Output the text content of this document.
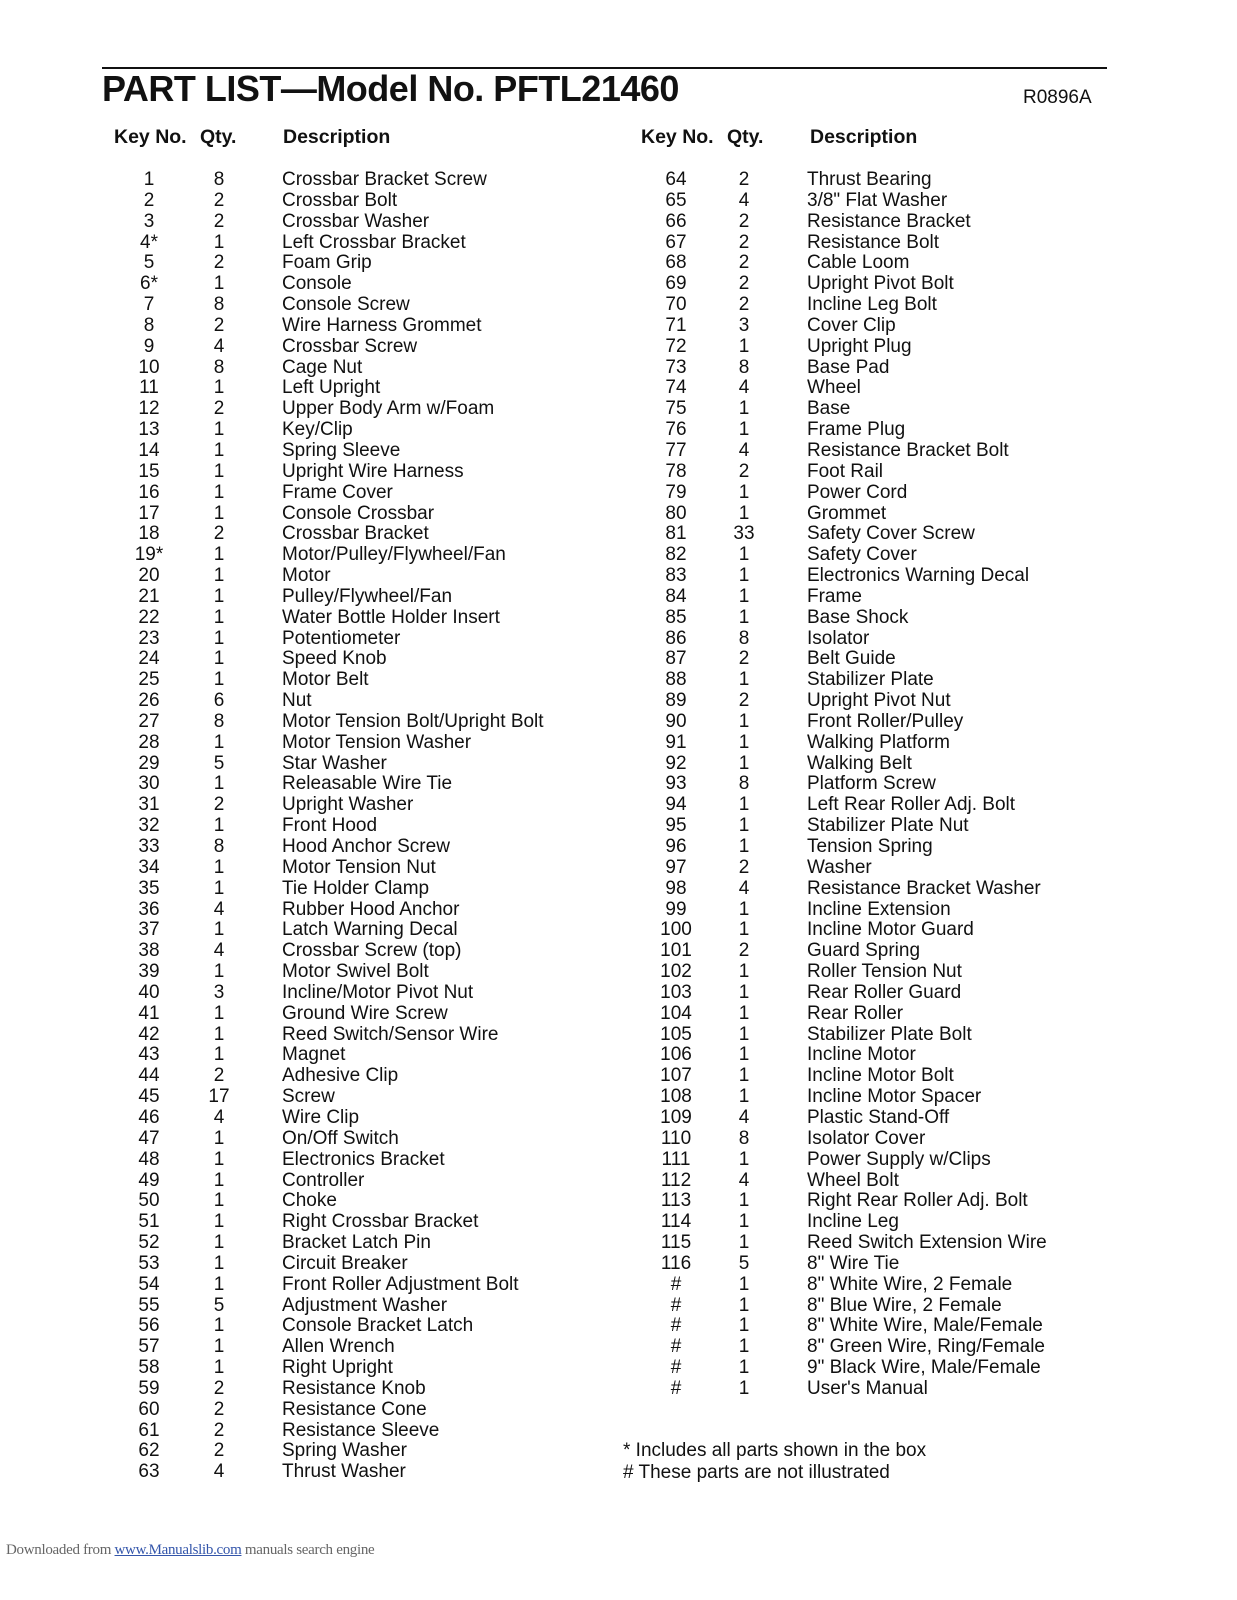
PART LIST—Model No. PFTL21460	R0896A
Key No. Qty. Description
1	8	Crossbar Bracket Screw
2	2	Crossbar Bolt
3	2	Crossbar Washer
4*	1	Left Crossbar Bracket
5	2	Foam Grip
6*	1	Console
7	8	Console Screw
8	2	Wire Harness Grommet
9	4	Crossbar Screw
10	8	Cage Nut
11	1	Left Upright
12	2	Upper Body Arm w/Foam
13	1	Key/Clip
14	1	Spring Sleeve
15	1	Upright Wire Harness
16	1	Frame Cover
17	1	Console Crossbar
18	2	Crossbar Bracket
19*	1	Motor/Pulley/Flywheel/Fan
20	1	Motor
21	1	Pulley/Flywheel/Fan
22	1	Water Bottle Holder Insert
23	1	Potentiometer
24	1	Speed Knob
25	1	Motor Belt
26	6	Nut
27	8	Motor Tension Bolt/Upright Bolt
28	1	Motor Tension Washer
29	5	Star Washer
30	1	Releasable Wire Tie
31	2	Upright Washer
32	1	Front Hood
33	8	Hood Anchor Screw
34	1	Motor Tension Nut
35	1	Tie Holder Clamp
36	4	Rubber Hood Anchor
37	1	Latch Warning Decal
38	4	Crossbar Screw (top)
39	1	Motor Swivel Bolt
40	3	Incline/Motor Pivot Nut
41	1	Ground Wire Screw
42	1	Reed Switch/Sensor Wire
43	1	Magnet
44	2	Adhesive Clip
45	17	Screw
46	4	Wire Clip
47	1	On/Off Switch
48	1	Electronics Bracket
49	1	Controller
50	1	Choke
51	1	Right Crossbar Bracket
52	1	Bracket Latch Pin
53	1	Circuit Breaker
54	1	Front Roller Adjustment Bolt
55	5	Adjustment Washer
56	1	Console Bracket Latch
57	1	Allen Wrench
58	1	Right Upright
59	2	Resistance Knob
60	2	Resistance Cone
61	2	Resistance Sleeve
62	2	Spring Washer
63	4	Thrust Washer
Key No. Qty. Description
64	2	Thrust Bearing
65	4	3/8" Flat Washer
66	2	Resistance Bracket
67	2	Resistance Bolt
68	2	Cable Loom
69	2	Upright Pivot Bolt
70	2	Incline Leg Bolt
71	3	Cover Clip
72	1	Upright Plug
73	8	Base Pad
74	4	Wheel
75	1	Base
76	1	Frame Plug
77	4	Resistance Bracket Bolt
78	2	Foot Rail
79	1	Power Cord
80	1	Grommet
81	33	Safety Cover Screw
82	1	Safety Cover
83	1	Electronics Warning Decal
84	1	Frame
85	1	Base Shock
86	8	Isolator
87	2	Belt Guide
88	1	Stabilizer Plate
89	2	Upright Pivot Nut
90	1	Front Roller/Pulley
91	1	Walking Platform
92	1	Walking Belt
93	8	Platform Screw
94	1	Left Rear Roller Adj. Bolt
95	1	Stabilizer Plate Nut
96	1	Tension Spring
97	2	Washer
98	4	Resistance Bracket Washer
99	1	Incline Extension
100	1	Incline Motor Guard
101	2	Guard Spring
102	1	Roller Tension Nut
103	1	Rear Roller Guard
104	1	Rear Roller
105	1	Stabilizer Plate Bolt
106	1	Incline Motor
107	1	Incline Motor Bolt
108	1	Incline Motor Spacer
109	4	Plastic Stand-Off
110	8	Isolator Cover
111	1	Power Supply w/Clips
112	4	Wheel Bolt
113	1	Right Rear Roller Adj. Bolt
114	1	Incline Leg
115	1	Reed Switch Extension Wire
116	5	8" Wire Tie
#	1	8" White Wire, 2 Female
#	1	8" Blue Wire, 2 Female
#	1	8" White Wire, Male/Female
#	1	8" Green Wire, Ring/Female
#	1	9" Black Wire, Male/Female
#	1	User's Manual
* Includes all parts shown in the box
# These parts are not illustrated
Downloaded from www.Manualslib.com manuals search engine
